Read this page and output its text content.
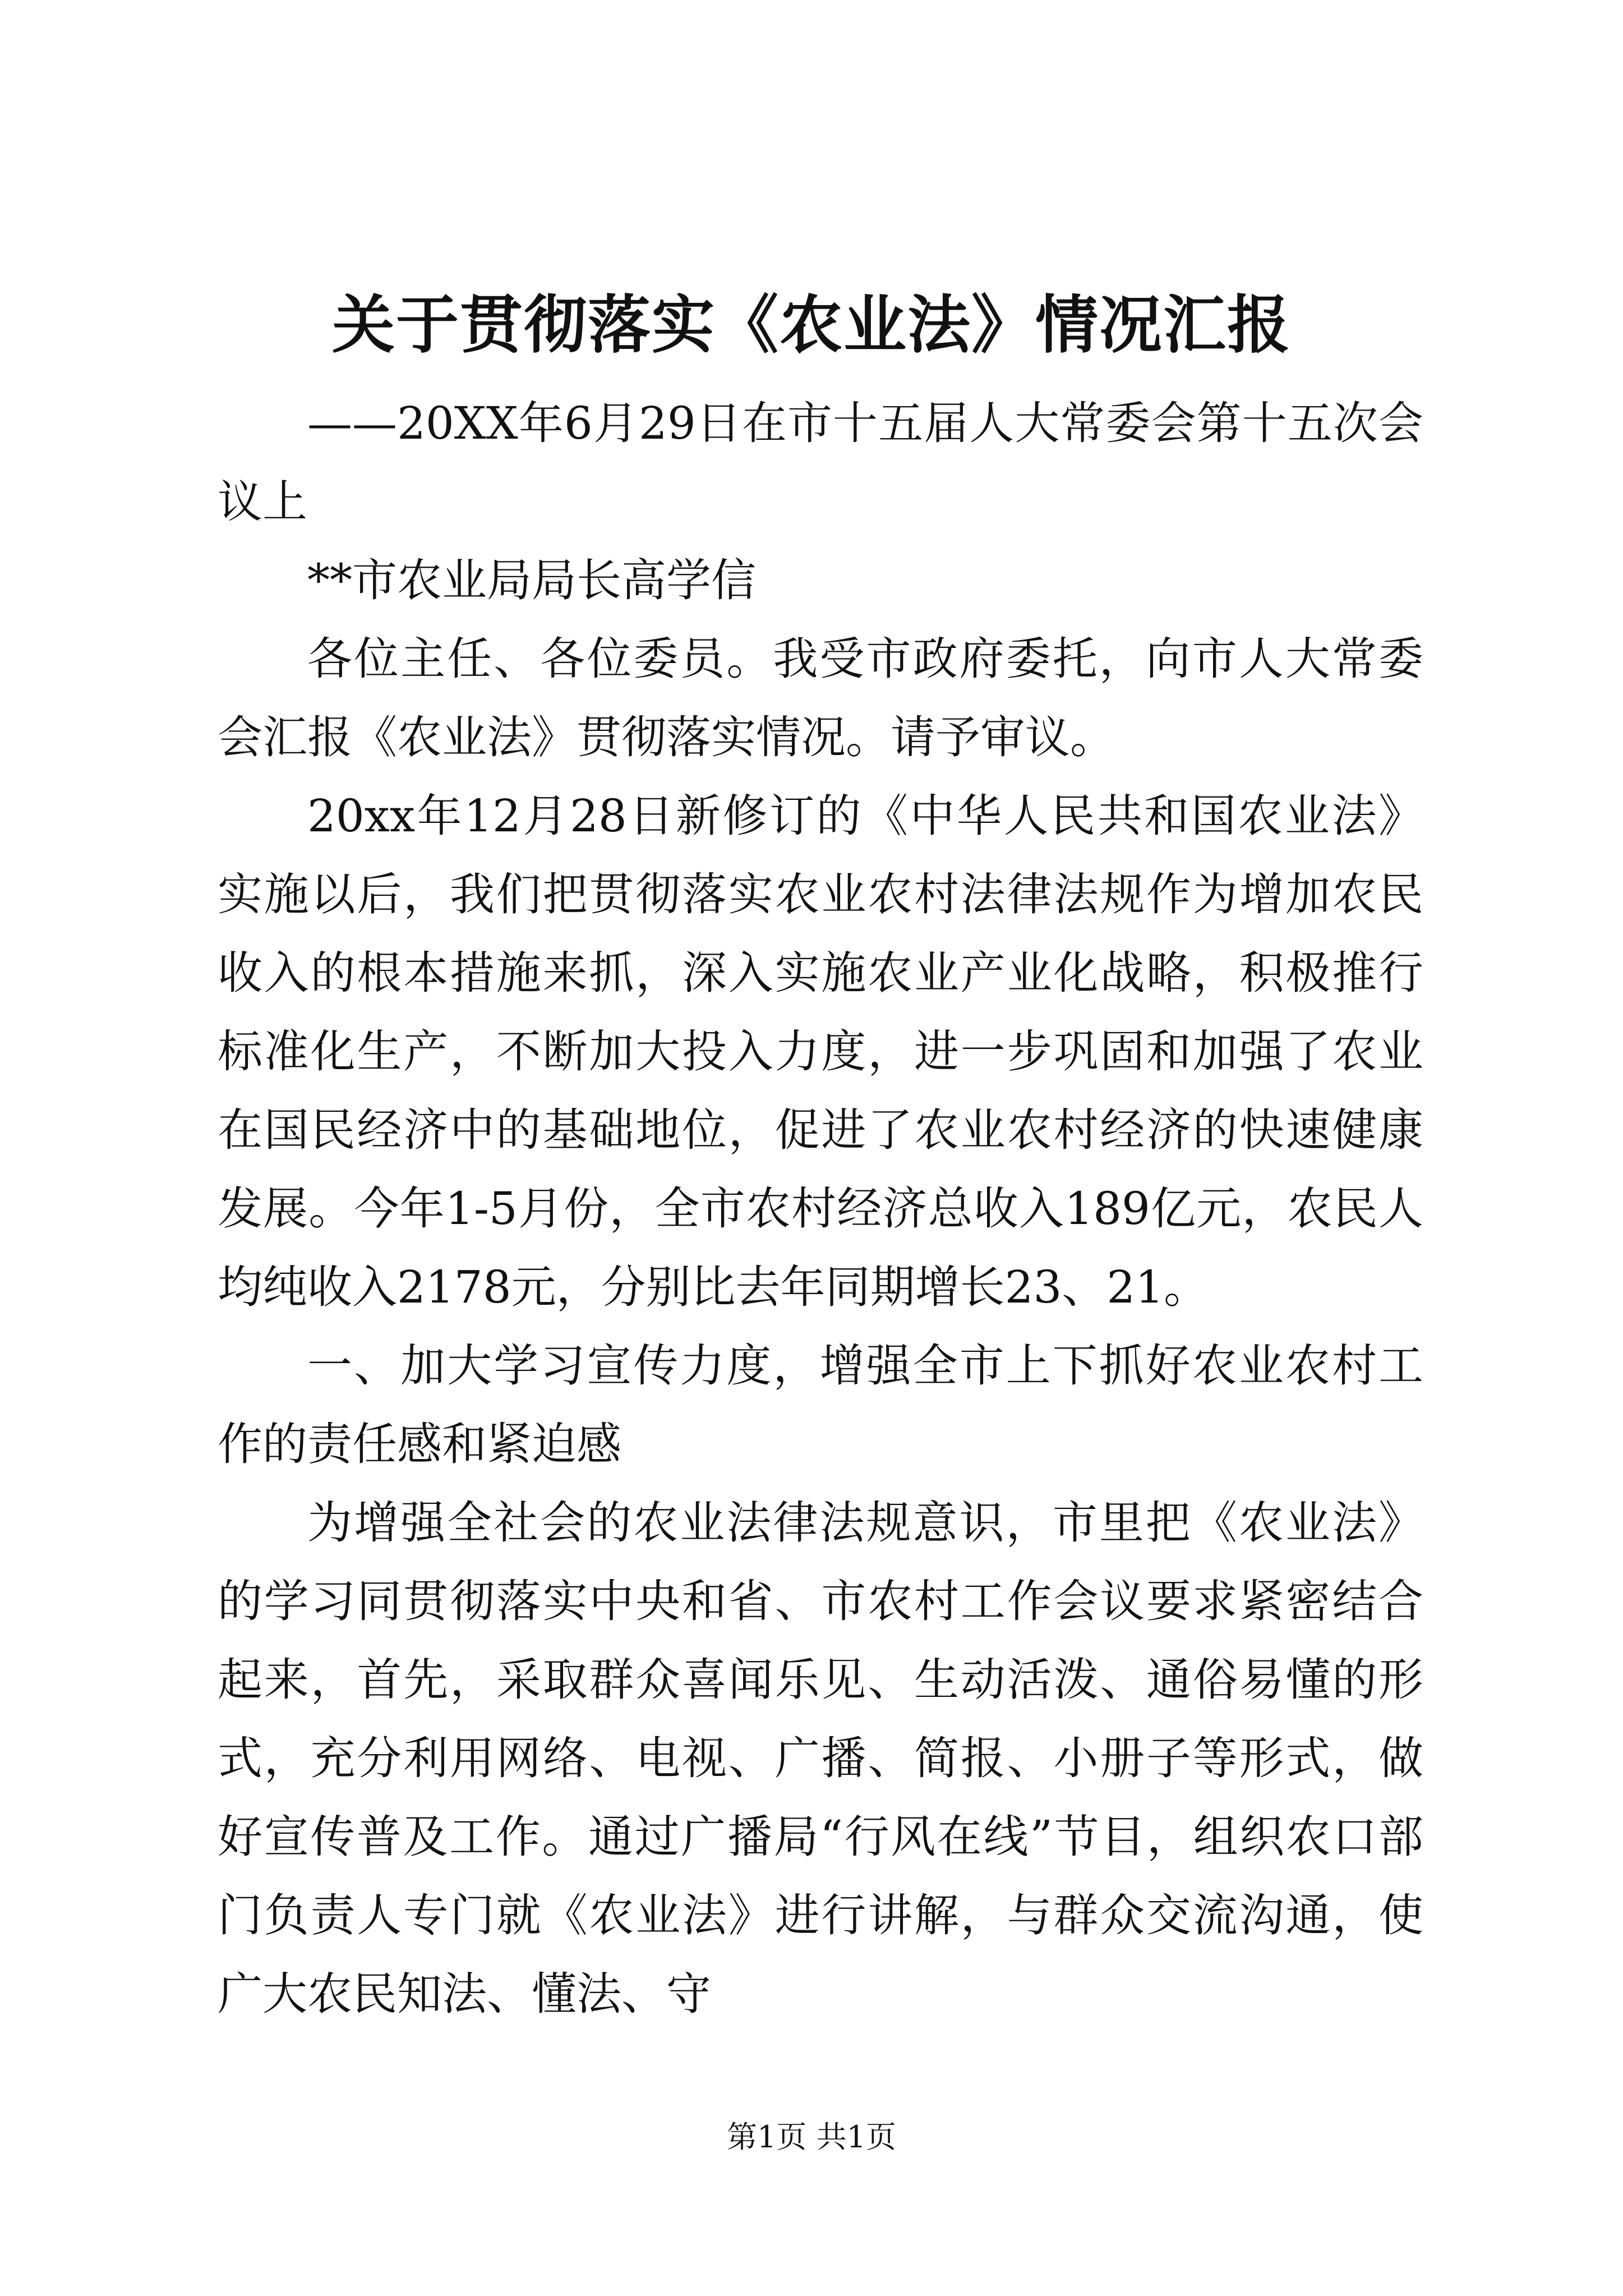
关于贯彻落实《农业法》情况汇报

——20XX年6月29日在市十五届人大常委会第十五次会议上

**市农业局局长高学信

各位主任、各位委员。我受市政府委托，向市人大常委会汇报《农业法》贯彻落实情况。请予审议。

20xx年12月28日新修订的《中华人民共和国农业法》实施以后，我们把贯彻落实农业农村法律法规作为增加农民收入的根本措施来抓，深入实施农业产业化战略，积极推行标准化生产，不断加大投入力度，进一步巩固和加强了农业在国民经济中的基础地位，促进了农业农村经济的快速健康发展。今年1-5月份，全市农村经济总收入189亿元，农民人均纯收入2178元，分别比去年同期增长23、21。

一、加大学习宣传力度，增强全市上下抓好农业农村工作的责任感和紧迫感

为增强全社会的农业法律法规意识，市里把《农业法》的学习同贯彻落实中央和省、市农村工作会议要求紧密结合起来，首先，采取群众喜闻乐见、生动活泼、通俗易懂的形式，充分利用网络、电视、广播、简报、小册子等形式，做好宣传普及工作。通过广播局“行风在线”节目，组织农口部门负责人专门就《农业法》进行讲解，与群众交流沟通，使广大农民知法、懂法、守

第1页 共1页
